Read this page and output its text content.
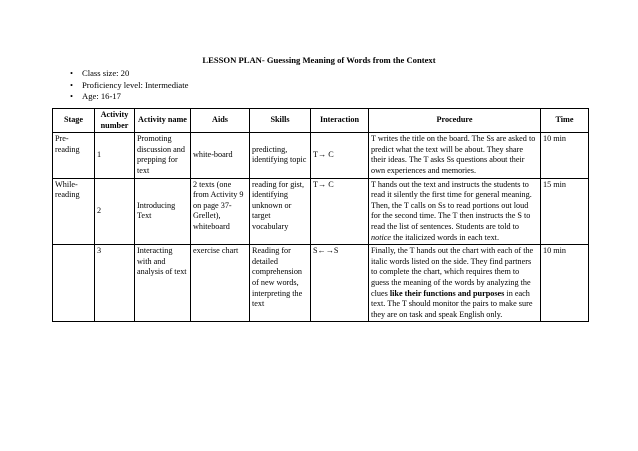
LESSON PLAN- Guessing Meaning of Words from the Context
• Class size: 20
• Proficiency level: Intermediate
• Age: 16-17
Stage	Activity number	Activity name	Aids	Skills	Interaction	Procedure	Time
Pre-reading	1	Promoting discussion and prepping for text	white-board	predicting, identifying topic	T→ C	T writes the title on the board. The Ss are asked to predict what the text will be about. They share their ideas. The T asks Ss questions about their own experiences and memories.	10 min
While-reading	2	Introducing Text	2 texts (one from Activity 9 on page 37- Grellet), whiteboard	reading for gist, identifying unknown or target vocabulary	T→ C	T hands out the text and instructs the students to read it silently the first time for general meaning. Then, the T calls on Ss to read portions out loud for the second time. The T then instructs the S to read the list of sentences. Students are told to notice the italicized words in each text.	15 min
	3	Interacting with and analysis of text	exercise chart	Reading for detailed comprehension of new words, interpreting the text	S←→S	Finally, the T hands out the chart with each of the italic words listed on the side. They find partners to complete the chart, which requires them to guess the meaning of the words by analyzing the clues like their functions and purposes in each text. The T should monitor the pairs to make sure they are on task and speak English only.	10 min
